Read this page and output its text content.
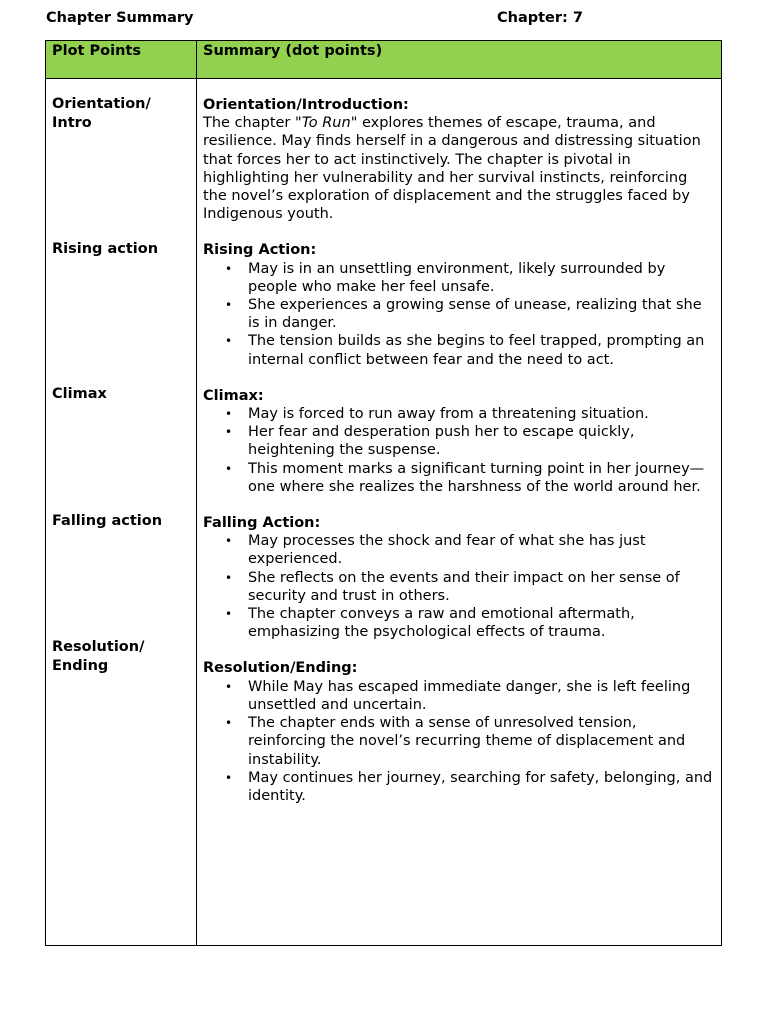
Chapter Summary	Chapter: 7
Plot Points	Summary (dot points)
Orientation/
Intro
Rising action
Climax
Falling action
Resolution/
Ending

Orientation/Introduction:

The chapter "To Run" explores themes of escape, trauma, and resilience. May finds herself in a dangerous and distressing situation that forces her to act instinctively. The chapter is pivotal in highlighting her vulnerability and her survival instincts, reinforcing the novel’s exploration of displacement and the struggles faced by Indigenous youth.

Rising Action:

• May is in an unsettling environment, likely surrounded by people who make her feel unsafe.
• She experiences a growing sense of unease, realizing that she is in danger.
• The tension builds as she begins to feel trapped, prompting an internal conflict between fear and the need to act.

Climax:

• May is forced to run away from a threatening situation.
• Her fear and desperation push her to escape quickly, heightening the suspense.
• This moment marks a significant turning point in her journey—one where she realizes the harshness of the world around her.

Falling Action:

• May processes the shock and fear of what she has just experienced.
• She reflects on the events and their impact on her sense of security and trust in others.
• The chapter conveys a raw and emotional aftermath, emphasizing the psychological effects of trauma.

Resolution/Ending:

• While May has escaped immediate danger, she is left feeling unsettled and uncertain.
• The chapter ends with a sense of unresolved tension, reinforcing the novel’s recurring theme of displacement and instability.
• May continues her journey, searching for safety, belonging, and identity.
